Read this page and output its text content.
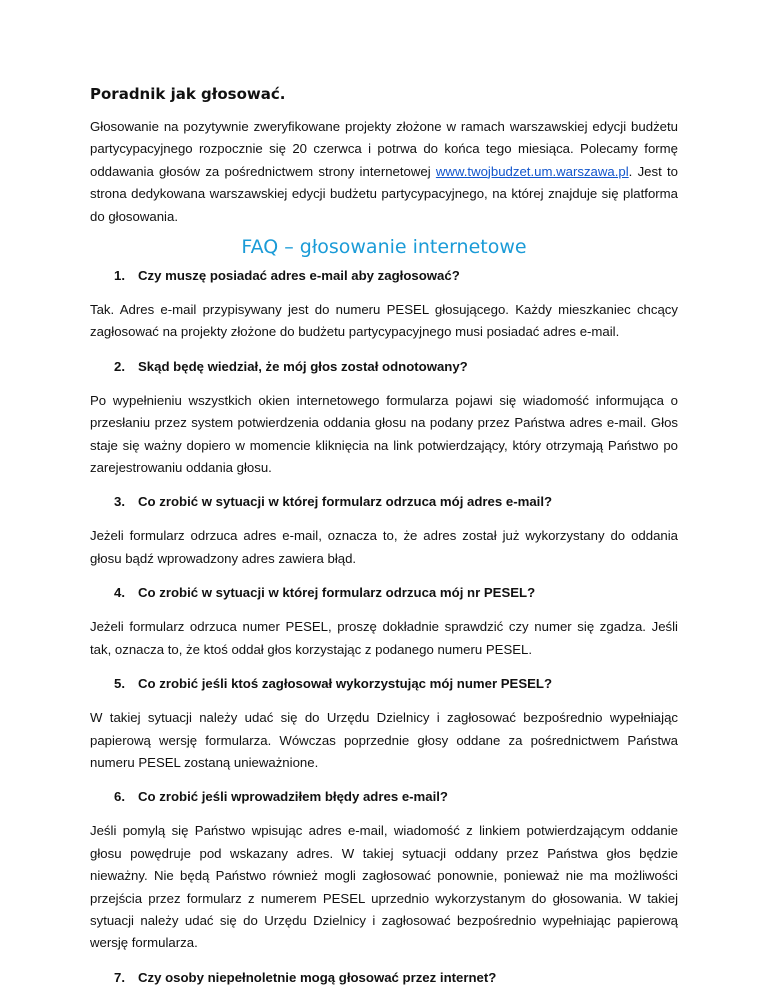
Poradnik jak głosować.

Głosowanie na pozytywnie zweryfikowane projekty złożone w ramach warszawskiej edycji budżetu partycypacyjnego rozpocznie się 20 czerwca i potrwa do końca tego miesiąca. Polecamy formę oddawania głosów za pośrednictwem strony internetowej www.twojbudzet.um.warszawa.pl. Jest to strona dedykowana warszawskiej edycji budżetu partycypacyjnego, na której znajduje się platforma do głosowania.

FAQ – głosowanie internetowe
1. Czy muszę posiadać adres e-mail aby zagłosować?

Tak. Adres e-mail przypisywany jest do numeru PESEL głosującego. Każdy mieszkaniec chcący zagłosować na projekty złożone do budżetu partycypacyjnego musi posiadać adres e-mail.

2. Skąd będę wiedział, że mój głos został odnotowany?

Po wypełnieniu wszystkich okien internetowego formularza pojawi się wiadomość informująca o przesłaniu przez system potwierdzenia oddania głosu na podany przez Państwa adres e-mail. Głos staje się ważny dopiero w momencie kliknięcia na link potwierdzający, który otrzymają Państwo po zarejestrowaniu oddania głosu.

3. Co zrobić w sytuacji w której formularz odrzuca mój adres e-mail?

Jeżeli formularz odrzuca adres e-mail, oznacza to, że adres został już wykorzystany do oddania głosu bądź wprowadzony adres zawiera błąd.

4. Co zrobić w sytuacji w której formularz odrzuca mój nr PESEL?

Jeżeli formularz odrzuca numer PESEL, proszę dokładnie sprawdzić czy numer się zgadza. Jeśli tak, oznacza to, że ktoś oddał głos korzystając z podanego numeru PESEL.

5. Co zrobić jeśli ktoś zagłosował wykorzystując mój numer PESEL?

W takiej sytuacji należy udać się do Urzędu Dzielnicy i zagłosować bezpośrednio wypełniając papierową wersję formularza. Wówczas poprzednie głosy oddane za pośrednictwem Państwa numeru PESEL zostaną unieważnione.

6. Co zrobić jeśli wprowadziłem błędy adres e-mail?

Jeśli pomylą się Państwo wpisując adres e-mail, wiadomość z linkiem potwierdzającym oddanie głosu powędruje pod wskazany adres. W takiej sytuacji oddany przez Państwa głos będzie nieważny. Nie będą Państwo również mogli zagłosować ponownie, ponieważ nie ma możliwości przejścia przez formularz z numerem PESEL uprzednio wykorzystanym do głosowania. W takiej sytuacji należy udać się do Urzędu Dzielnicy i zagłosować bezpośrednio wypełniając papierową wersję formularza.

7. Czy osoby niepełnoletnie mogą głosować przez internet?
